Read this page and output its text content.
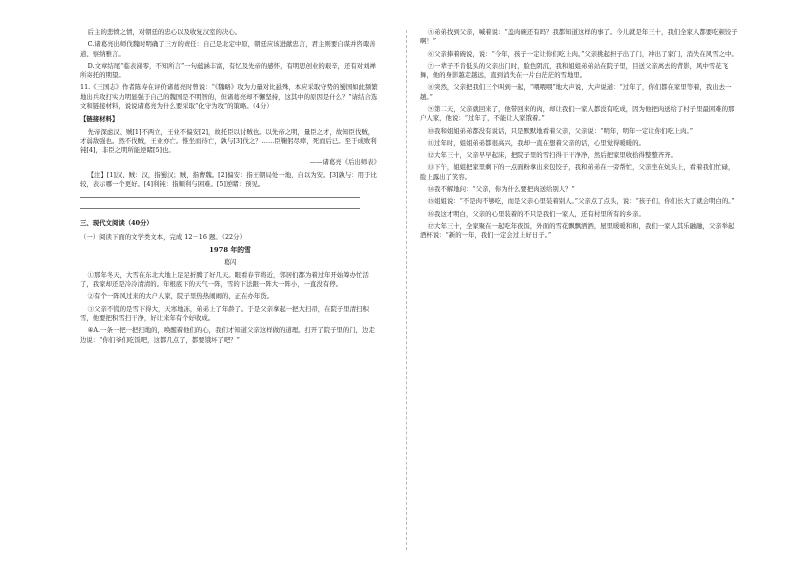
后主的悲愤之情，对朝廷的忠心以及收复汉室的决心。

C.诸葛亮出师伐魏时明确了三方的责任：自己是北定中原，朝廷应该进献忠言，君主则要自谋并咨诹善道、察纳雅言。

D.文章结尾“临表涕零，不知所言”一句蕴涵丰富，有忆及先帝的感怀，有明思创业的艰辛，还有对刘禅所寄托的期望。

11.《三国志》作者陈寿在评价诸葛亮时曾说：“《魏略》攻为力量对比悬殊，本应采取守势的蜀国如此频繁地出兵攻打实力明显强于自己的魏国是不明智的，但诸葛亮却不懈坚持，这其中的原因是什么？”请结合选文和链接材料，说说诸葛亮为什么要采取“化守为攻”的策略。（4分）

【链接材料】

先帝深虑汉、贼[1]不两立，王业不偏安[2]，故托臣以讨贼也。以先帝之明，量臣之才，故知臣伐贼，才弱敌强也。然不伐贼，王业亦亡。惟坐而待亡，孰与[3]伐之？……臣鞠躬尽瘁，死而后已。至于成败利钝[4]，非臣之明所能逆睹[5]也。

——诸葛亮《后出师表》

【注】[1]汉、贼：汉，指蜀汉；贼，指曹魏。[2]偏安：指王朝局处一地，自以为安。[3]孰与：用于比较，表示哪一个更好。[4]利钝：指顺利与困难。[5]逆睹：预见。

三、现代文阅读（40分）

（一）阅读下面的文学类文本，完成 12－16 题。（22分）

1978 年的雪

葛闪

①那年冬天，大雪在东北大地上足足折腾了好几天。眼看春节将近，邻居们都为着过年开始筹办忙活了，我家却还是冷冷清清的。年根底下的天气一阵，雪的下法跟一阵大一阵小，一直没有停。

②有个一阵风过来的大户人家，院子里热热闹闹的，正在办年货。

③父亲不慌的是雪下得大，天寒地冻，弟弟上了年龄了。于是父亲拿起一把大扫帚，在院子里清扫积雪，他要把积雪扫干净，好让来年有个好收成。

④A.一条一把一把扫地的，唤醒着他们的心，我们才知道父亲这样做的道理。打开了院子里的门，边走边说：“你们爷们吃饭吧，这都几点了，都要饿坏了吧？”

⑤弟弟找到父亲，喊着说：“盖肉碗还有吗？我都知道这样的事了。今儿就是年三十，我们全家人都要吃顿饺子啊！”

⑥父亲捧着碗说，说：“今年，孩子一定让你们吃上肉。”父亲挑起担子出了门，冲出了家门，消失在风雪之中。

⑦一辈子不肯低头的父亲出门时，脸色阴沉，我和姐姐弟弟站在院子里，目送父亲离去的背影，风中雪花飞舞，他的身影越走越远，直到消失在一片白茫茫的雪地里。

⑧突然，父亲把我们三个叫到一起，“喂喂喂”地大声说，大声说道：“过年了，你们都在家里等着，我出去一趟。”

⑨第二天，父亲就回来了，他带回来的肉，却让我们一家人都没有吃成，因为他把肉送给了村子里最困难的那户人家，他说：“过年了，不能让人家饿着。”

⑩我和姐姐弟弟都没有说话，只是默默地看着父亲，父亲说：“明年，明年一定让你们吃上肉。”

⑪过年时，姐姐弟弟都很高兴，我却一直在想着父亲的话，心里觉得暖暖的。

⑫大年三十，父亲早早起床，把院子里的雪扫得干干净净，然后把家里收拾得整整齐齐。

⑬下午，姐姐把家里剩下的一点面粉拿出来包饺子，我和弟弟在一旁帮忙，父亲坐在炕头上，看着我们忙碌，脸上露出了笑容。

⑭我不解地问：“父亲，你为什么要把肉送给别人？”

⑮姐姐说：“不是肉不够吃，而是父亲心里装着别人。”父亲点了点头，说：“孩子们，你们长大了就会明白的。”

⑯我这才明白，父亲的心里装着的不只是我们一家人，还有村里所有的乡亲。

⑰大年三十，全家聚在一起吃年夜饭，外面的雪花飘飘洒洒，屋里暖暖和和，我们一家人其乐融融，父亲举起酒杯说：“新的一年，我们一定会过上好日子。”
